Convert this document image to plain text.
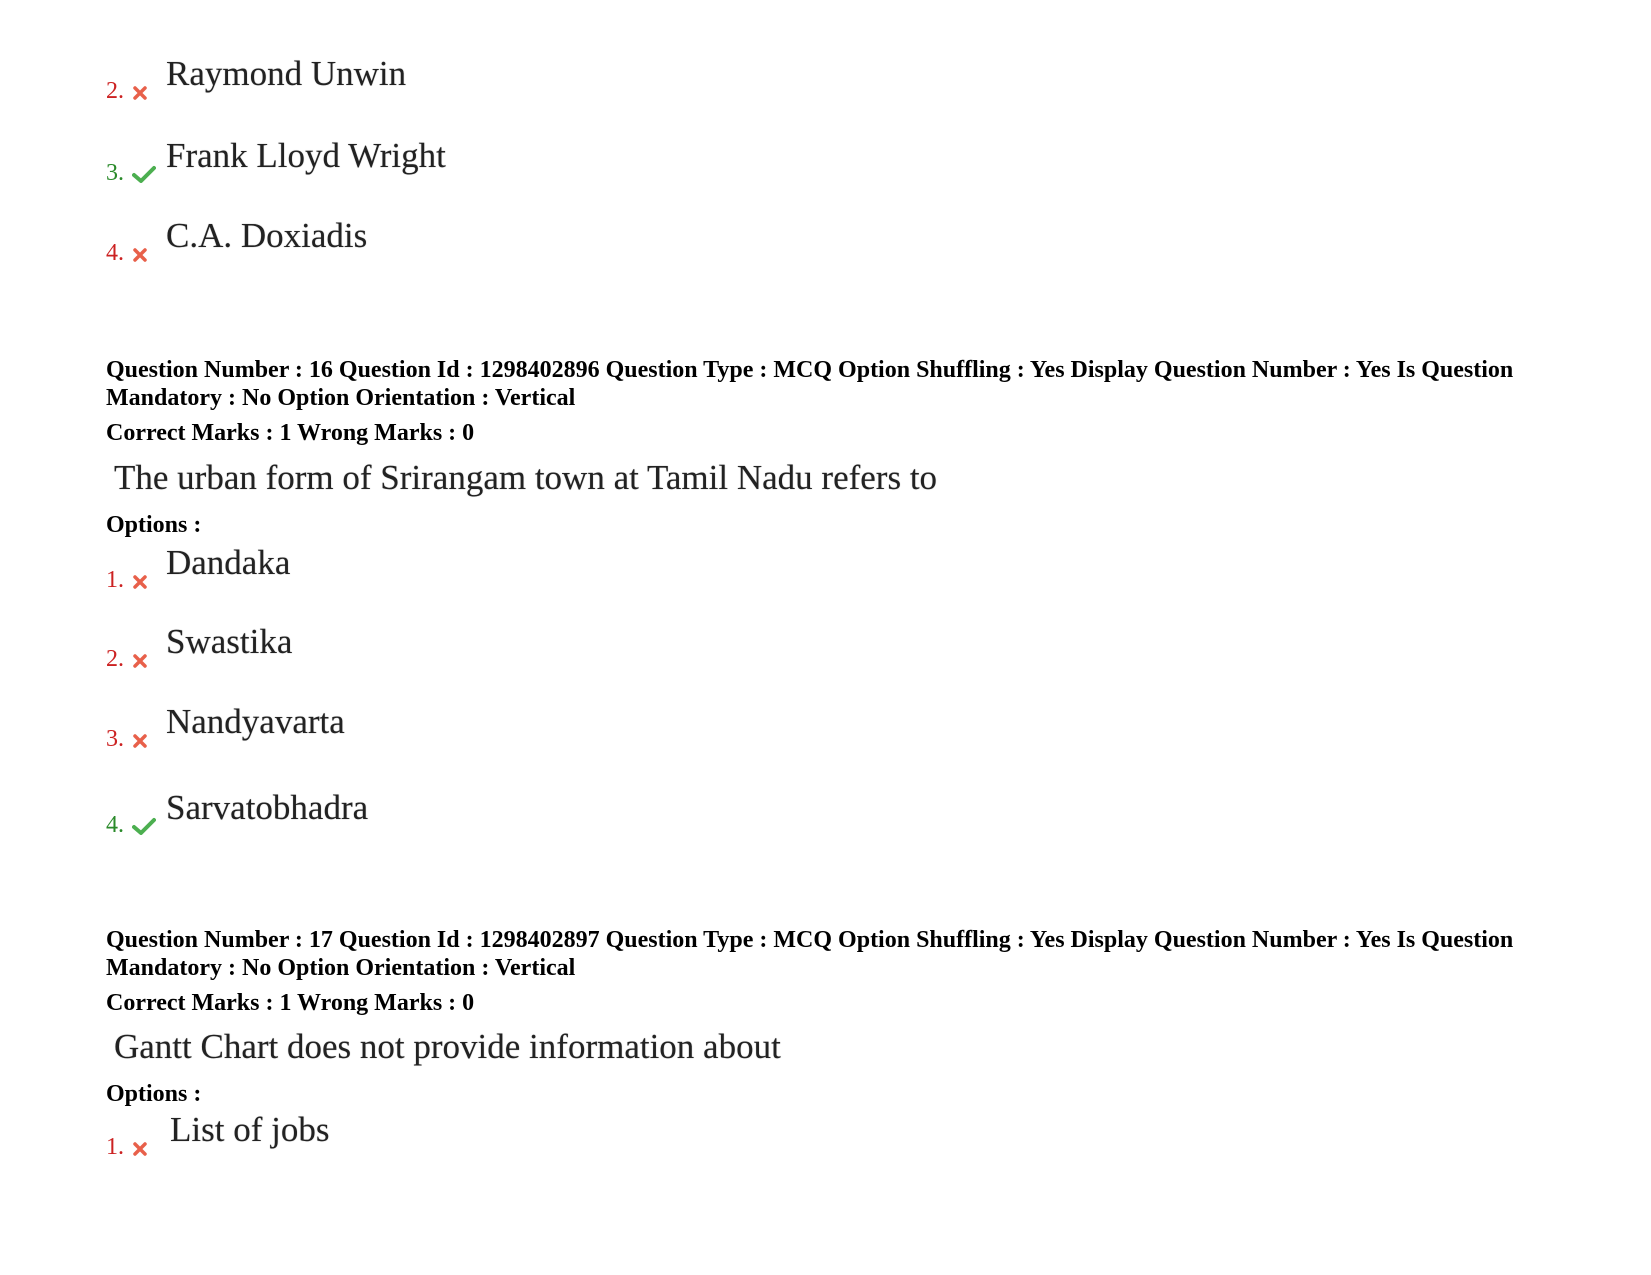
2. Raymond Unwin
3. Frank Lloyd Wright
4. C.A. Doxiadis
Question Number : 16 Question Id : 1298402896 Question Type : MCQ Option Shuffling : Yes Display Question Number : Yes Is Question Mandatory : No Option Orientation : Vertical
Correct Marks : 1 Wrong Marks : 0
The urban form of Srirangam town at Tamil Nadu refers to
Options :
1. Dandaka
2. Swastika
3. Nandyavarta
4. Sarvatobhadra
Question Number : 17 Question Id : 1298402897 Question Type : MCQ Option Shuffling : Yes Display Question Number : Yes Is Question Mandatory : No Option Orientation : Vertical
Correct Marks : 1 Wrong Marks : 0
Gantt Chart does not provide information about
Options :
1. List of jobs
